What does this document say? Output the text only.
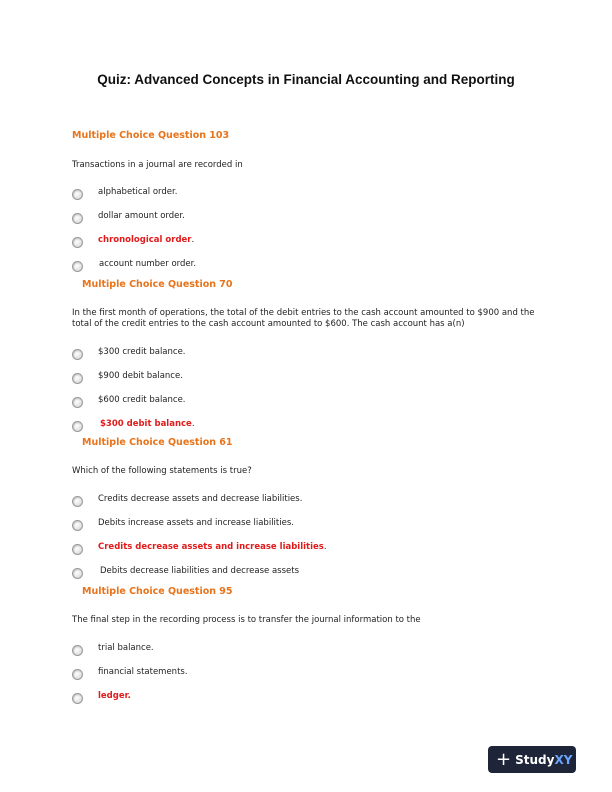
Quiz: Advanced Concepts in Financial Accounting and Reporting
Multiple Choice Question 103
Transactions in a journal are recorded in
alphabetical order.
dollar amount order.
chronological order.
account number order.
Multiple Choice Question 70
In the first month of operations, the total of the debit entries to the cash account amounted to $900 and the total of the credit entries to the cash account amounted to $600. The cash account has a(n)
$300 credit balance.
$900 debit balance.
$600 credit balance.
$300 debit balance.
Multiple Choice Question 61
Which of the following statements is true?
Credits decrease assets and decrease liabilities.
Debits increase assets and increase liabilities.
Credits decrease assets and increase liabilities.
Debits decrease liabilities and decrease assets
Multiple Choice Question 95
The final step in the recording process is to transfer the journal information to the
trial balance.
financial statements.
ledger.
+ StudyXY
